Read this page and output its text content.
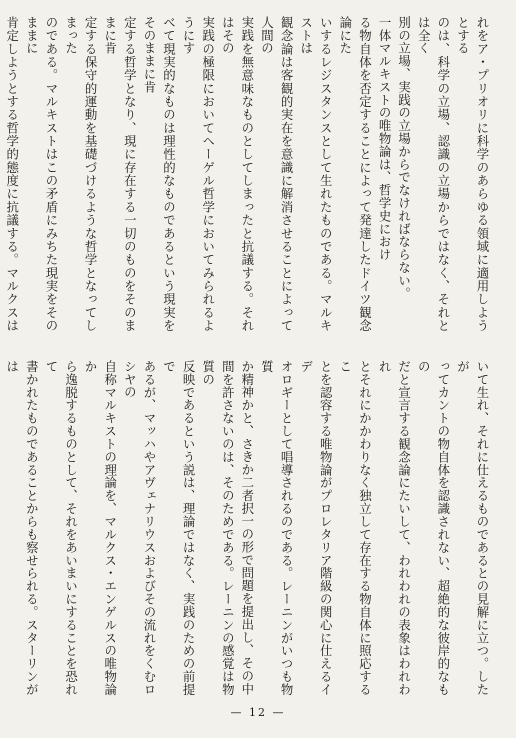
れをア・プリオリに科学のあらゆる領域に適用しようとする
のは、科学の立場、認識の立場からではなく、それとは全く
別の立場、実践の立場からでなければならない。
一体マルキストの唯物論は、哲学史におけ
る物自体を否定することによって発達したドイツ観念論にた
いするレジスタンスとして生れたものである。マルキストは
観念論は客観的実在を意識に解消させることによって人間の
実践を無意味なものとしてしまったと抗議する。それはその
実践の極限においてヘーゲル哲学においてみられるようにす
べて現実的なものは理性的なものであるという現実をそのままに肯
定する哲学となり、現に存在する一切のものをそのままに肯
定する保守的運動を基礎づけるような哲学となってしまった
のである。マルキストはこの矛盾にみちた現実をそのままに
肯定しようとする哲学的態度に抗議する。マルクスは
いて生れ、それに仕えるものであるとの見解に立つ。したが
ってカントの物自体を認識されない、超絶的な彼岸的なもの
だと宣言する観念論にたいして、われわれの表象はわれわれ
とそれにかかわりなく独立して存在する物自体に照応するこ
とを認容する唯物論がプロレタリア階級の関心に仕えるイデ
オロギーとして唱導されるのである。レーニンがいつも物質
か精神かと、さきか二者択一の形で問題を提出し、その中
間を許さないのは、そのためである。レーニンの感覚は物質の
反映であるという説は、理論ではなく、実践のための前提で
あるが、マッハやアヴェナリウスおよびその流れをくむロシヤの
自称マルキストの理論を、マルクス・エンゲルスの唯物論か
ら逸脱するものとして、それをあいまいにすることを恐れて
書かれたものであることからも察せられる。スターリンがは
— 12 —
